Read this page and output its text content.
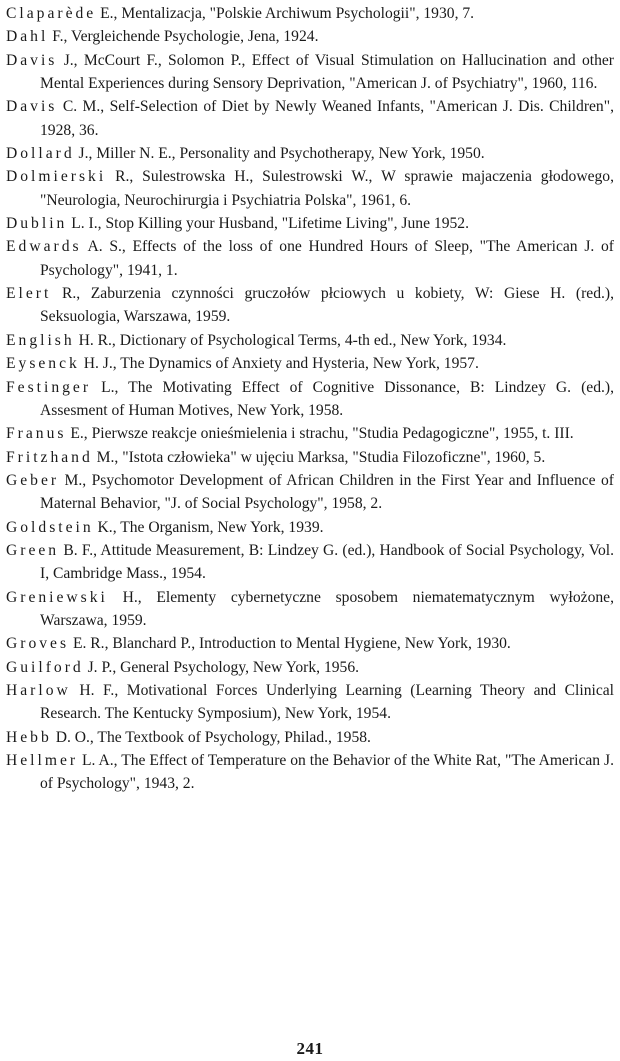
Claparède E., Mentalizacja, "Polskie Archiwum Psychologii", 1930, 7.
Dahl F., Vergleichende Psychologie, Jena, 1924.
Davis J., McCourt F., Solomon P., Effect of Visual Stimulation on Hallucination and other Mental Experiences during Sensory Deprivation, "American J. of Psychiatry", 1960, 116.
Davis C. M., Self-Selection of Diet by Newly Weaned Infants, "American J. Dis. Children", 1928, 36.
Dollard J., Miller N. E., Personality and Psychotherapy, New York, 1950.
Dolmierski R., Sulestrowska H., Sulestrowski W., W sprawie majaczenia głodowego, "Neurologia, Neurochirurgia i Psychiatria Polska", 1961, 6.
Dublin L. I., Stop Killing your Husband, "Lifetime Living", June 1952.
Edwards A. S., Effects of the loss of one Hundred Hours of Sleep, "The American J. of Psychology", 1941, 1.
Elert R., Zaburzenia czynności gruczołów płciowych u kobiety, W: Giese H. (red.), Seksuologia, Warszawa, 1959.
English H. R., Dictionary of Psychological Terms, 4-th ed., New York, 1934.
Eysenck H. J., The Dynamics of Anxiety and Hysteria, New York, 1957.
Festinger L., The Motivating Effect of Cognitive Dissonance, B: Lindzey G. (ed.), Assesment of Human Motives, New York, 1958.
Franus E., Pierwsze reakcje onieśmielenia i strachu, "Studia Pedagogiczne", 1955, t. III.
Fritzhand M., "Istota człowieka" w ujęciu Marksa, "Studia Filozoficzne", 1960, 5.
Geber M., Psychomotor Development of African Children in the First Year and Influence of Maternal Behavior, "J. of Social Psychology", 1958, 2.
Goldstein K., The Organism, New York, 1939.
Green B. F., Attitude Measurement, B: Lindzey G. (ed.), Handbook of Social Psychology, Vol. I, Cambridge Mass., 1954.
Greniewski H., Elementy cybernetyczne sposobem niematematycznym wyłożone, Warszawa, 1959.
Groves E. R., Blanchard P., Introduction to Mental Hygiene, New York, 1930.
Guilford J. P., General Psychology, New York, 1956.
Harlow H. F., Motivational Forces Underlying Learning (Learning Theory and Clinical Research. The Kentucky Symposium), New York, 1954.
Hebb D. O., The Textbook of Psychology, Philad., 1958.
Hellmer L. A., The Effect of Temperature on the Behavior of the White Rat, "The American J. of Psychology", 1943, 2.
241
